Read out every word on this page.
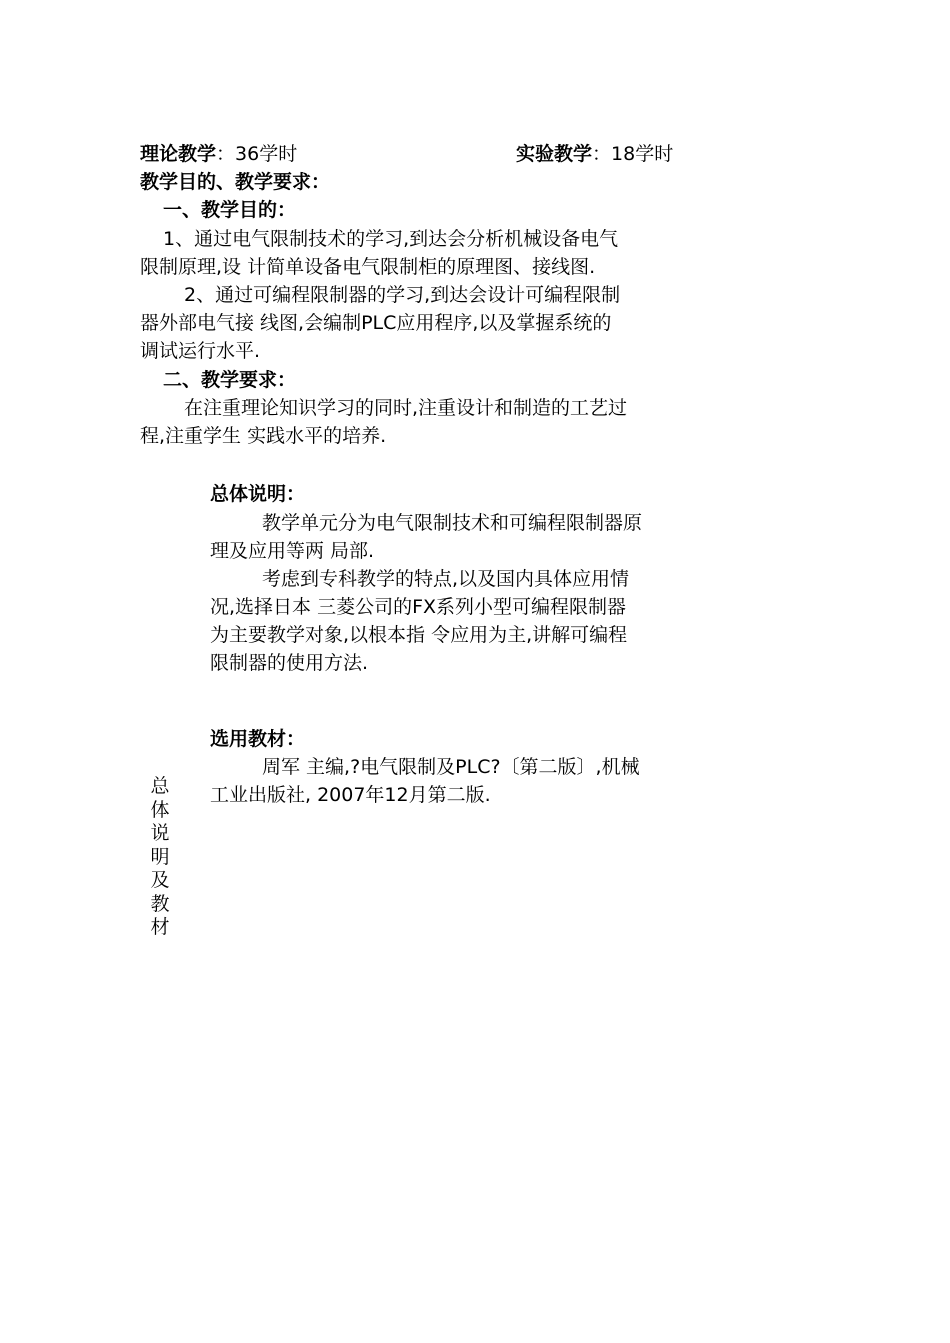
理论教学：36学时	实验教学：18学时
教学目的、教学要求：
一、教学目的：
1、通过电气限制技术的学习,到达会分析机械设备电气
限制原理,设 计简单设备电气限制柜的原理图、接线图.
2、通过可编程限制器的学习,到达会设计可编程限制
器外部电气接 线图,会编制PLC应用程序,以及掌握系统的
调试运行水平.
二、教学要求：
在注重理论知识学习的同时,注重设计和制造的工艺过
程,注重学生 实践水平的培养.
总体说明：
教学单元分为电气限制技术和可编程限制器原
理及应用等两 局部.
考虑到专科教学的特点,以及国内具体应用情
况,选择日本 三菱公司的FX系列小型可编程限制器
为主要教学对象,以根本指 令应用为主,讲解可编程
限制器的使用方法.
选用教材：
周军 主编,?电气限制及PLC?〔第二版〕,机械
工业出版社, 2007年12月第二版.
总体说明及教材
